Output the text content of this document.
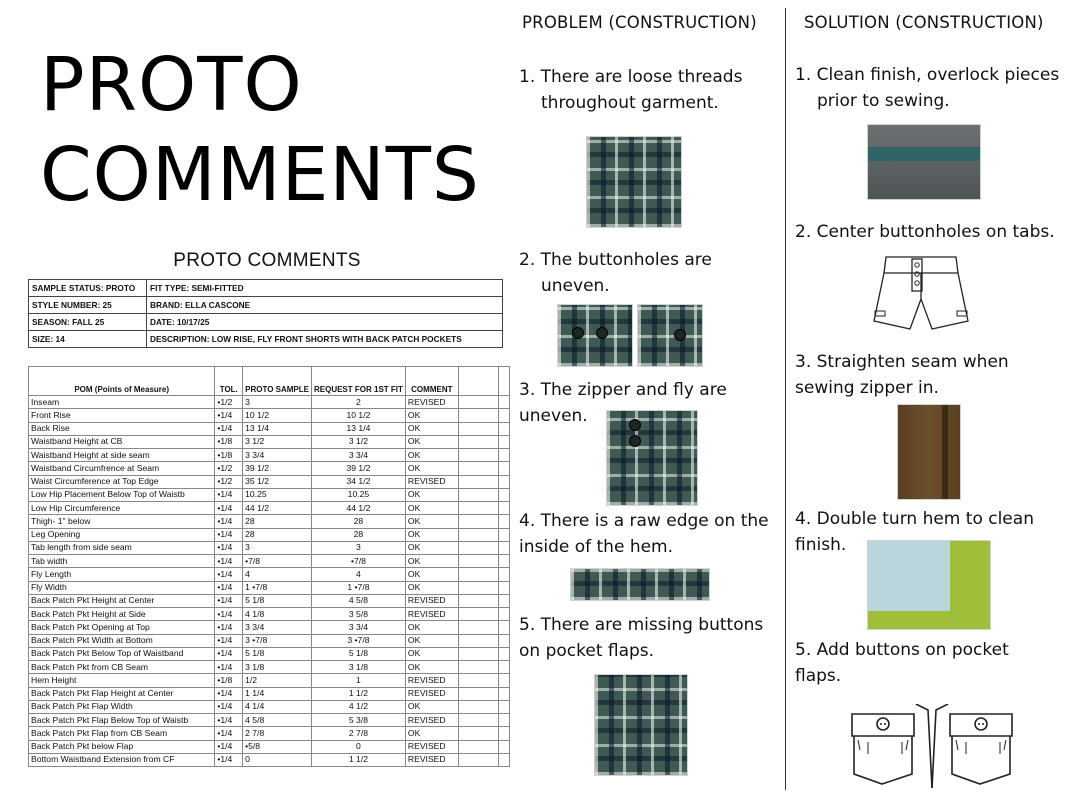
PROTO
COMMENTS
PROTO COMMENTS
SAMPLE STATUS: PROTO	FIT TYPE: SEMI-FITTED
STYLE NUMBER: 25	BRAND: ELLA CASCONE
SEASON: FALL 25	DATE: 10/17/25
SIZE: 14	DESCRIPTION: LOW RISE, FLY FRONT SHORTS WITH BACK PATCH POCKETS
POM (Points of Measure)	TOL.	PROTO SAMPLE	REQUEST FOR 1ST FIT	COMMENT		
Inseam	•1/2	3	2	REVISED		
Front Rise	•1/4	10 1/2	10 1/2	OK		
Back Rise	•1/4	13 1/4	13 1/4	OK		
Waistband Height at CB	•1/8	3 1/2	3 1/2	OK		
Waistband Height at side seam	•1/8	3 3/4	3 3/4	OK		
Waistband Circumfrence at Seam	•1/2	39 1/2	39 1/2	OK		
Waist Circumference at Top Edge	•1/2	35 1/2	34 1/2	REVISED		
Low Hip Placement Below Top of Waistb	•1/4	10.25	10.25	OK		
Low Hip Circumference	•1/4	44 1/2	44 1/2	OK		
Thigh- 1" below	•1/4	28	28	OK		
Leg Opening	•1/4	28	28	OK		
Tab length from side seam	•1/4	3	3	OK		
Tab width	•1/4	•7/8	•7/8	OK		
Fly Length	•1/4	4	4	OK		
Fly Width	•1/4	1 •7/8	1 •7/8	OK		
Back Patch Pkt Height at Center	•1/4	5 1/8	4 5/8	REVISED		
Back Patch Pkt Height at Side	•1/4	4 1/8	3 5/8	REVISED		
Back Patch Pkt Opening at Top	•1/4	3 3/4	3 3/4	OK		
Back Patch Pkt Width at Bottom	•1/4	3 •7/8	3 •7/8	OK		
Back Patch Pkt Below Top of Waistband	•1/4	5 1/8	5 1/8	OK		
Back Patch Pkt from CB Seam	•1/4	3 1/8	3 1/8	OK		
Hem Height	•1/8	1/2	1	REVISED		
Back Patch Pkt Flap Height at Center	•1/4	1 1/4	1 1/2	REVISED		
Back Patch Pkt Flap Width	•1/4	4 1/4	4 1/2	OK		
Back Patch Pkt Flap Below Top of Waistb	•1/4	4 5/8	5 3/8	REVISED		
Back Patch Pkt Flap from CB Seam	•1/4	2 7/8	2 7/8	OK		
Back Patch Pkt below Flap	•1/4	•5/8	0	REVISED		
Bottom Waistband Extension from CF	•1/4	0	1 1/2	REVISED		
PROBLEM (CONSTRUCTION)
1. There are loose threads
throughout garment.
2. The buttonholes are
uneven.
3. The zipper and fly are
uneven.
4. There is a raw edge on the
inside of the hem.
5. There are missing buttons
on pocket flaps.
SOLUTION (CONSTRUCTION)
1. Clean finish, overlock pieces
prior to sewing.
2. Center buttonholes on tabs.
3. Straighten seam when
sewing zipper in.
4. Double turn hem to clean
finish.
5. Add buttons on pocket
flaps.
